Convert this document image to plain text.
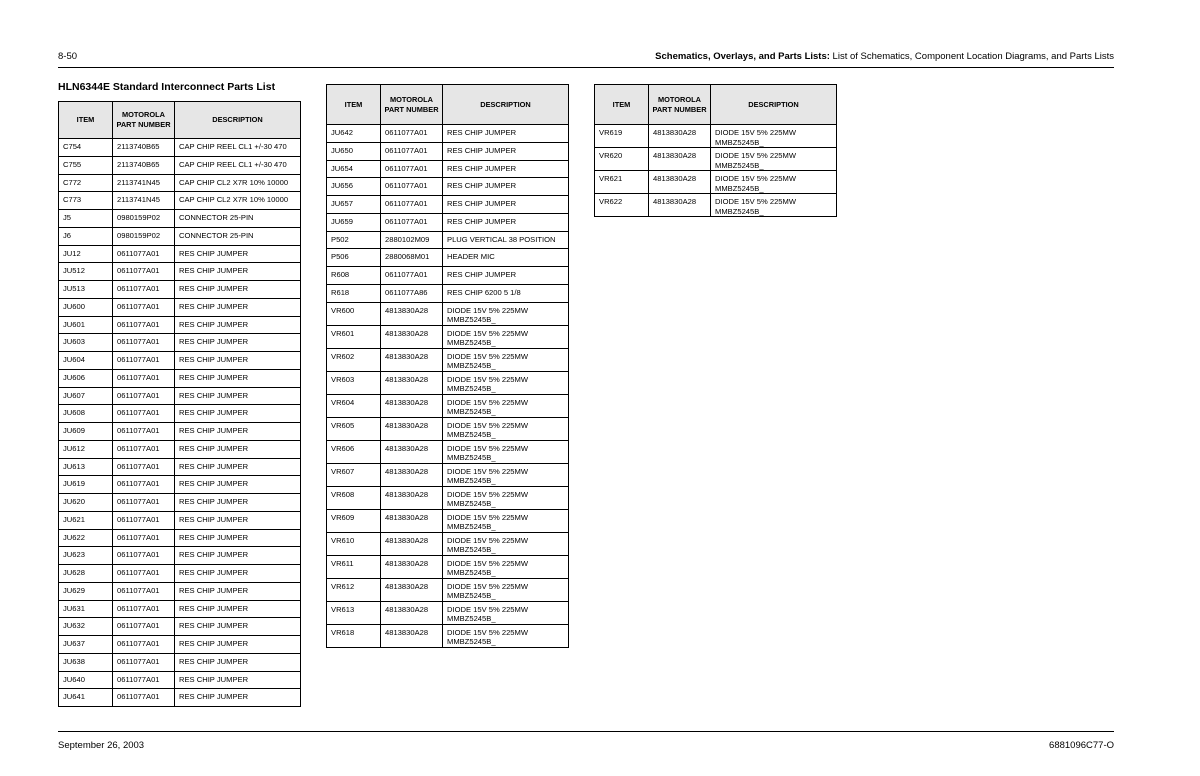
8-50	Schematics, Overlays, and Parts Lists: List of Schematics, Component Location Diagrams, and Parts Lists
HLN6344E Standard Interconnect Parts List
ITEM	MOTOROLA PART NUMBER	DESCRIPTION
C754	2113740B65	CAP CHIP REEL CL1 +/-30 470
C755	2113740B65	CAP CHIP REEL CL1 +/-30 470
C772	2113741N45	CAP CHIP CL2 X7R 10% 10000
C773	2113741N45	CAP CHIP CL2 X7R 10% 10000
J5	0980159P02	CONNECTOR 25-PIN
J6	0980159P02	CONNECTOR 25-PIN
JU12	0611077A01	RES CHIP JUMPER
JU512	0611077A01	RES CHIP JUMPER
JU513	0611077A01	RES CHIP JUMPER
JU600	0611077A01	RES CHIP JUMPER
JU601	0611077A01	RES CHIP JUMPER
JU603	0611077A01	RES CHIP JUMPER
JU604	0611077A01	RES CHIP JUMPER
JU606	0611077A01	RES CHIP JUMPER
JU607	0611077A01	RES CHIP JUMPER
JU608	0611077A01	RES CHIP JUMPER
JU609	0611077A01	RES CHIP JUMPER
JU612	0611077A01	RES CHIP JUMPER
JU613	0611077A01	RES CHIP JUMPER
JU619	0611077A01	RES CHIP JUMPER
JU620	0611077A01	RES CHIP JUMPER
JU621	0611077A01	RES CHIP JUMPER
JU622	0611077A01	RES CHIP JUMPER
JU623	0611077A01	RES CHIP JUMPER
JU628	0611077A01	RES CHIP JUMPER
JU629	0611077A01	RES CHIP JUMPER
JU631	0611077A01	RES CHIP JUMPER
JU632	0611077A01	RES CHIP JUMPER
JU637	0611077A01	RES CHIP JUMPER
JU638	0611077A01	RES CHIP JUMPER
JU640	0611077A01	RES CHIP JUMPER
JU641	0611077A01	RES CHIP JUMPER
ITEM	MOTOROLA PART NUMBER	DESCRIPTION
JU642	0611077A01	RES CHIP JUMPER
JU650	0611077A01	RES CHIP JUMPER
JU654	0611077A01	RES CHIP JUMPER
JU656	0611077A01	RES CHIP JUMPER
JU657	0611077A01	RES CHIP JUMPER
JU659	0611077A01	RES CHIP JUMPER
P502	2880102M09	PLUG VERTICAL 38 POSITION
P506	2880068M01	HEADER MIC
R608	0611077A01	RES CHIP JUMPER
R618	0611077A86	RES CHIP 6200 5 1/8
VR600	4813830A28	DIODE 15V 5% 225MW MMBZ5245B_
VR601	4813830A28	DIODE 15V 5% 225MW MMBZ5245B_
VR602	4813830A28	DIODE 15V 5% 225MW MMBZ5245B_
VR603	4813830A28	DIODE 15V 5% 225MW MMBZ5245B_
VR604	4813830A28	DIODE 15V 5% 225MW MMBZ5245B_
VR605	4813830A28	DIODE 15V 5% 225MW MMBZ5245B_
VR606	4813830A28	DIODE 15V 5% 225MW MMBZ5245B_
VR607	4813830A28	DIODE 15V 5% 225MW MMBZ5245B_
VR608	4813830A28	DIODE 15V 5% 225MW MMBZ5245B_
VR609	4813830A28	DIODE 15V 5% 225MW MMBZ5245B_
VR610	4813830A28	DIODE 15V 5% 225MW MMBZ5245B_
VR611	4813830A28	DIODE 15V 5% 225MW MMBZ5245B_
VR612	4813830A28	DIODE 15V 5% 225MW MMBZ5245B_
VR613	4813830A28	DIODE 15V 5% 225MW MMBZ5245B_
VR618	4813830A28	DIODE 15V 5% 225MW MMBZ5245B_
ITEM	MOTOROLA PART NUMBER	DESCRIPTION
VR619	4813830A28	DIODE 15V 5% 225MW MMBZ5245B_
VR620	4813830A28	DIODE 15V 5% 225MW MMBZ5245B_
VR621	4813830A28	DIODE 15V 5% 225MW MMBZ5245B_
VR622	4813830A28	DIODE 15V 5% 225MW MMBZ5245B_
September 26, 2003	6881096C77-O
